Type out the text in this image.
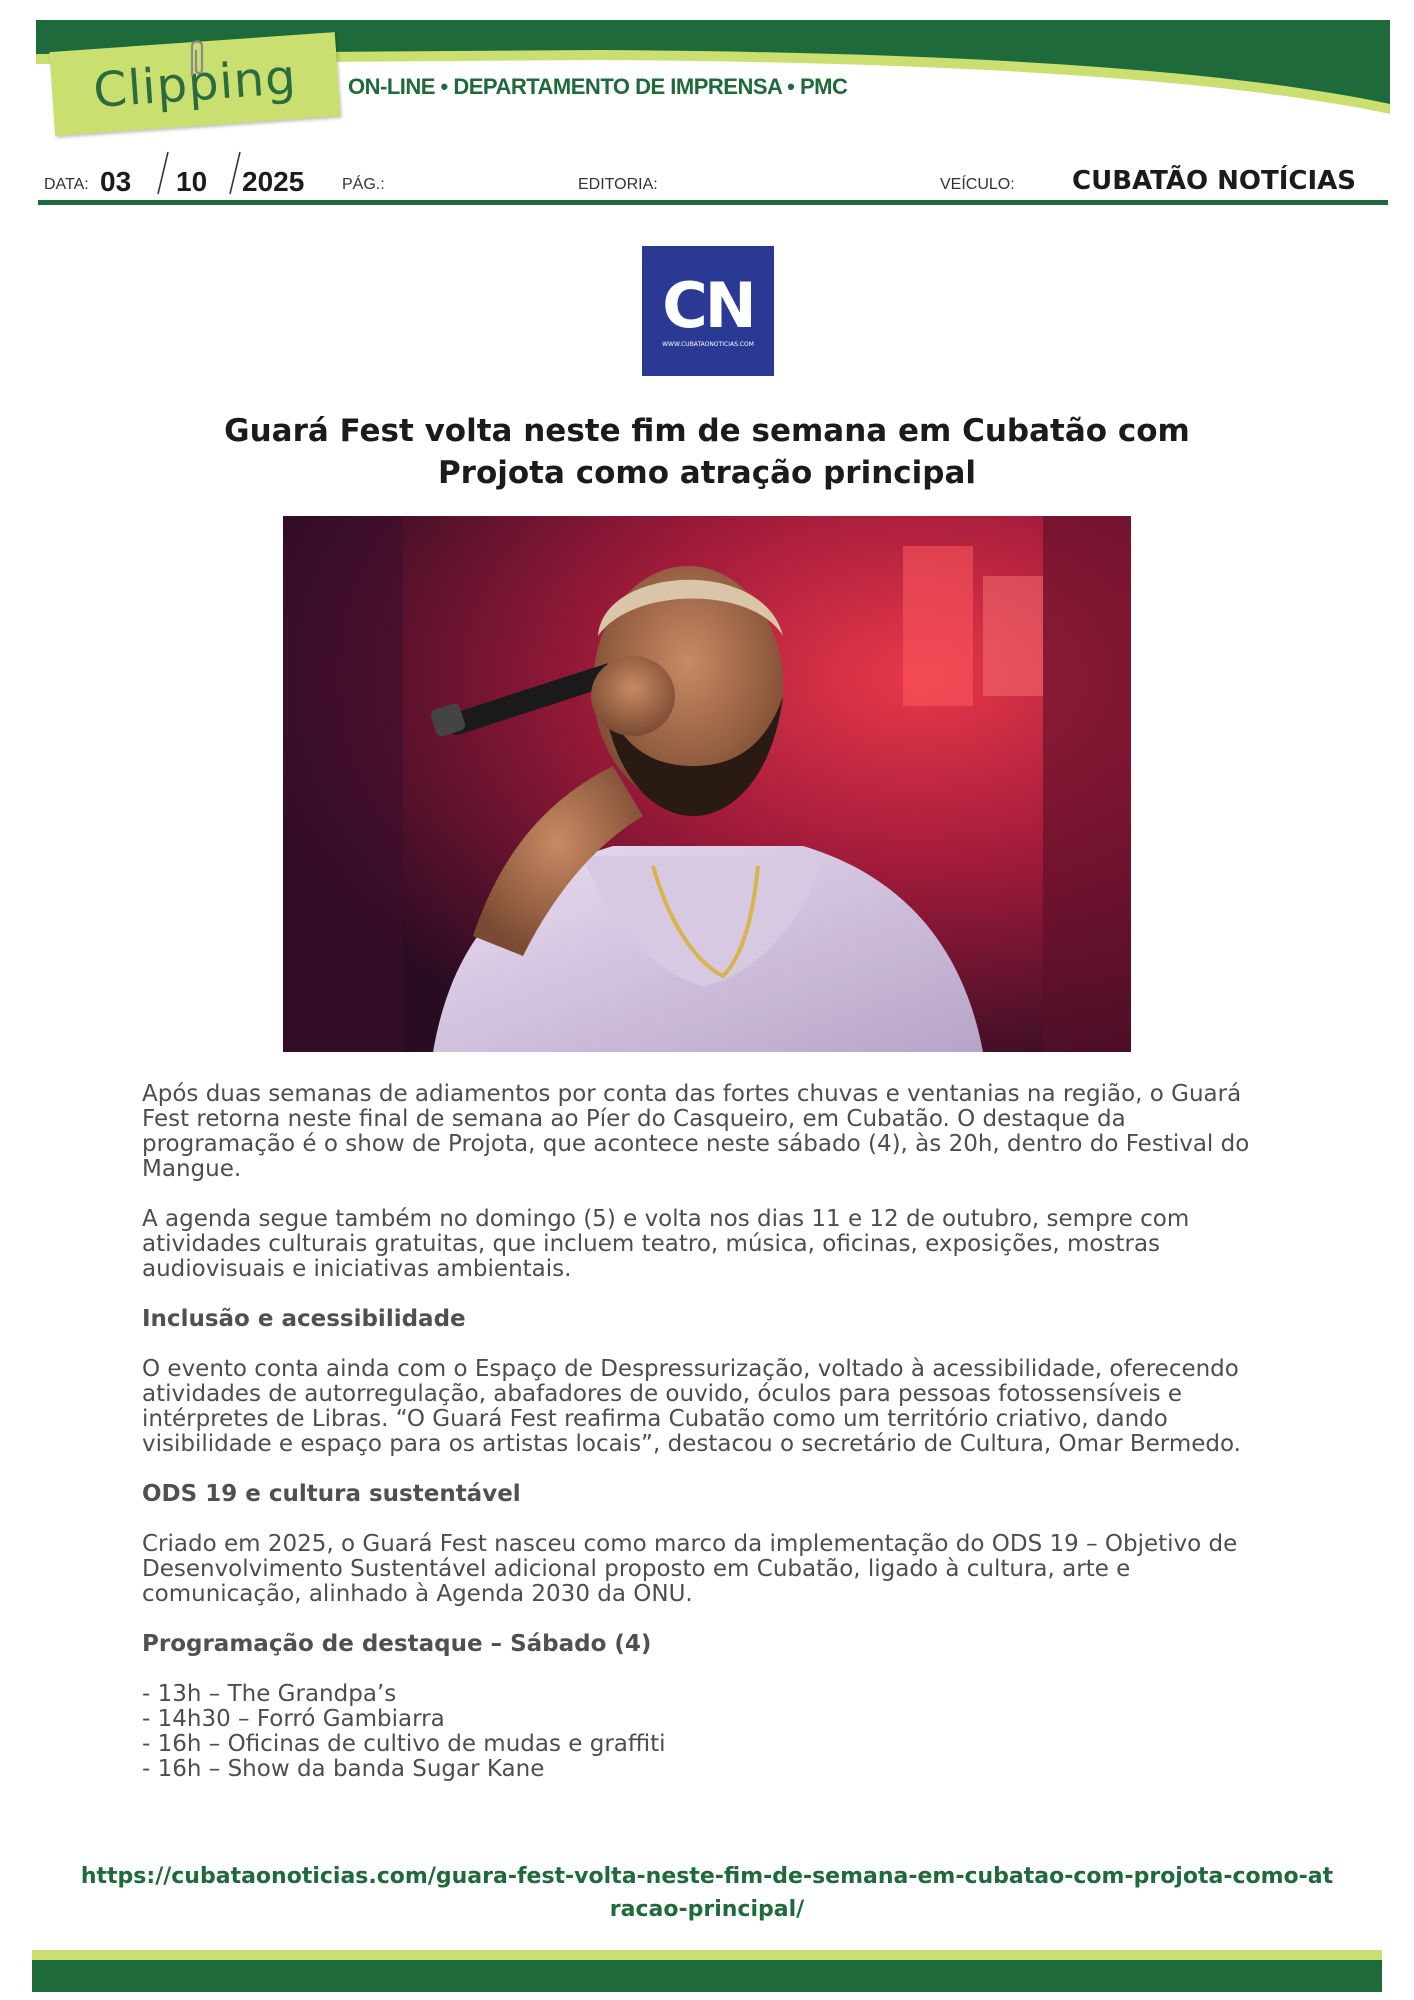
Clipping ON-LINE • DEPARTAMENTO DE IMPRENSA • PMC
DATA: 03 10 2025 PÁG.:	EDITORIA:	VEÍCULO: CUBATÃO NOTÍCIAS
CN
WWW.CUBATAONOTICIAS.COM
Guará Fest volta neste fim de semana em Cubatão com Projota como atração principal

Após duas semanas de adiamentos por conta das fortes chuvas e ventanias na região, o Guará Fest retorna neste final de semana ao Píer do Casqueiro, em Cubatão. O destaque da programação é o show de Projota, que acontece neste sábado (4), às 20h, dentro do Festival do Mangue.

A agenda segue também no domingo (5) e volta nos dias 11 e 12 de outubro, sempre com atividades culturais gratuitas, que incluem teatro, música, oficinas, exposições, mostras audiovisuais e iniciativas ambientais.

Inclusão e acessibilidade

O evento conta ainda com o Espaço de Despressurização, voltado à acessibilidade, oferecendo atividades de autorregulação, abafadores de ouvido, óculos para pessoas fotossensíveis e intérpretes de Libras. “O Guará Fest reafirma Cubatão como um território criativo, dando visibilidade e espaço para os artistas locais”, destacou o secretário de Cultura, Omar Bermedo.

ODS 19 e cultura sustentável

Criado em 2025, o Guará Fest nasceu como marco da implementação do ODS 19 – Objetivo de Desenvolvimento Sustentável adicional proposto em Cubatão, ligado à cultura, arte e comunicação, alinhado à Agenda 2030 da ONU.

Programação de destaque – Sábado (4)
- 13h – The Grandpa’s
- 14h30 – Forró Gambiarra
- 16h – Oficinas de cultivo de mudas e graffiti
- 16h – Show da banda Sugar Kane
https://cubataonoticias.com/guara-fest-volta-neste-fim-de-semana-em-cubatao-com-projota-como-atracao-principal/
